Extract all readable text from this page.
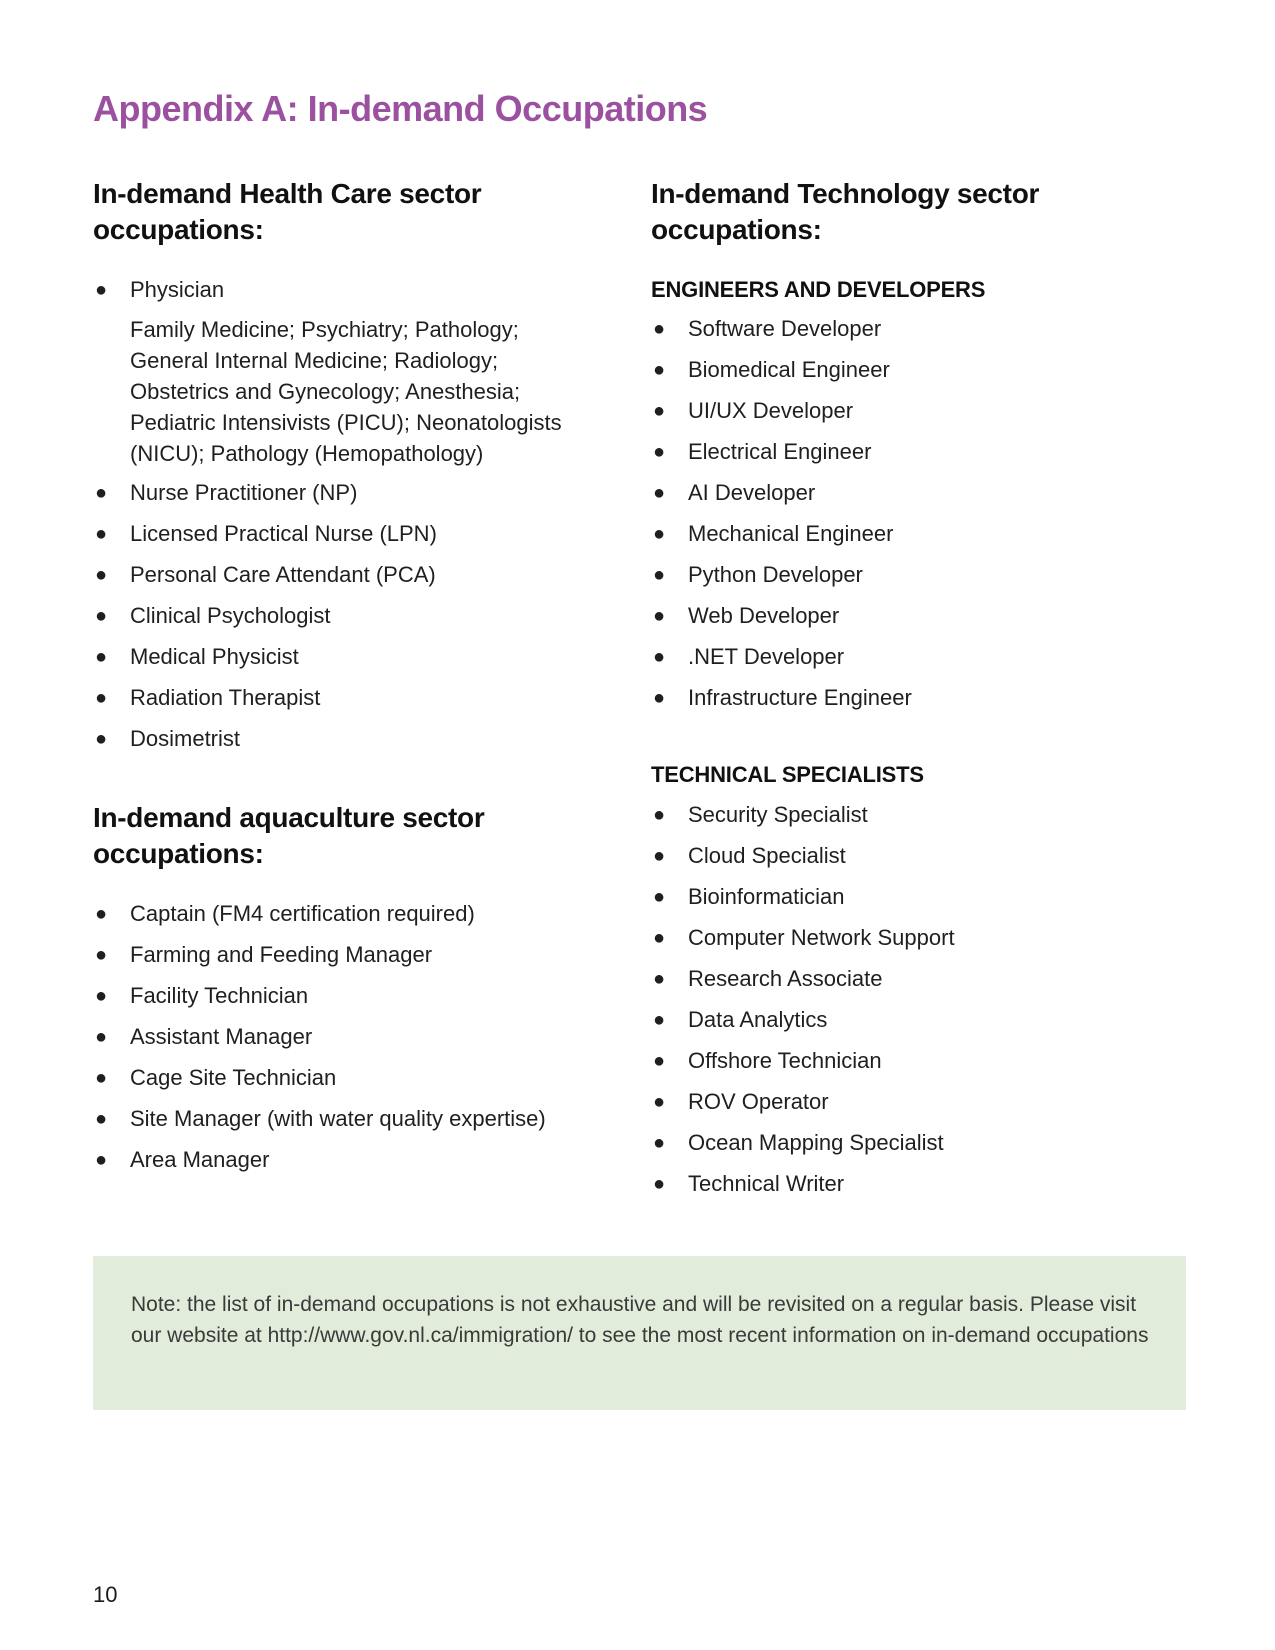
Appendix A: In-demand Occupations
In-demand Health Care sector
occupations:
● Physician
Family Medicine; Psychiatry; Pathology; General Internal Medicine; Radiology; Obstetrics and Gynecology; Anesthesia; Pediatric Intensivists (PICU); Neonatologists (NICU); Pathology (Hemopathology)
● Nurse Practitioner (NP)
● Licensed Practical Nurse (LPN)
● Personal Care Attendant (PCA)
● Clinical Psychologist
● Medical Physicist
● Radiation Therapist
● Dosimetrist
In-demand aquaculture sector
occupations:
● Captain (FM4 certification required)
● Farming and Feeding Manager
● Facility Technician
● Assistant Manager
● Cage Site Technician
● Site Manager (with water quality expertise)
● Area Manager
In-demand Technology sector
occupations:
ENGINEERS AND DEVELOPERS
● Software Developer
● Biomedical Engineer
● UI/UX Developer
● Electrical Engineer
● AI Developer
● Mechanical Engineer
● Python Developer
● Web Developer
● .NET Developer
● Infrastructure Engineer
TECHNICAL SPECIALISTS
● Security Specialist
● Cloud Specialist
● Bioinformatician
● Computer Network Support
● Research Associate
● Data Analytics
● Offshore Technician
● ROV Operator
● Ocean Mapping Specialist
● Technical Writer
Note: the list of in-demand occupations is not exhaustive and will be revisited on a regular basis. Please visit our website at http://www.gov.nl.ca/immigration/ to see the most recent information on in-demand occupations
10
